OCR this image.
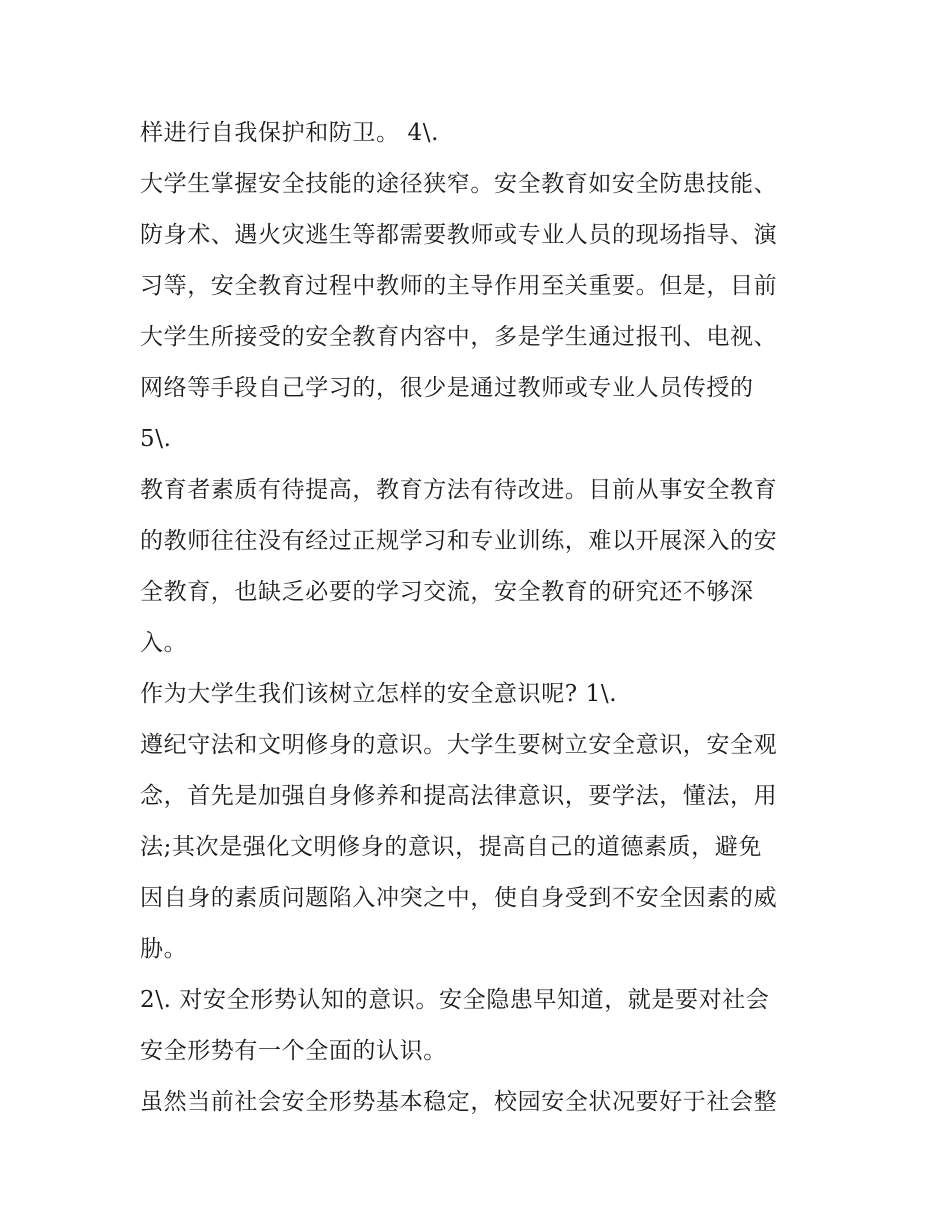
样进行自我保护和防卫。 4\.
大学生掌握安全技能的途径狭窄。安全教育如安全防患技能、
防身术、遇火灾逃生等都需要教师或专业人员的现场指导、演
习等，安全教育过程中教师的主导作用至关重要。但是，目前
大学生所接受的安全教育内容中，多是学生通过报刊、电视、
网络等手段自己学习的，很少是通过教师或专业人员传授的
5\.
教育者素质有待提高，教育方法有待改进。目前从事安全教育
的教师往往没有经过正规学习和专业训练，难以开展深入的安
全教育，也缺乏必要的学习交流，安全教育的研究还不够深
入。
作为大学生我们该树立怎样的安全意识呢? 1\.
遵纪守法和文明修身的意识。大学生要树立安全意识，安全观
念，首先是加强自身修养和提高法律意识，要学法，懂法，用
法;其次是强化文明修身的意识，提高自己的道德素质，避免
因自身的素质问题陷入冲突之中，使自身受到不安全因素的威
胁。
2\. 对安全形势认知的意识。安全隐患早知道，就是要对社会
安全形势有一个全面的认识。
虽然当前社会安全形势基本稳定，校园安全状况要好于社会整
